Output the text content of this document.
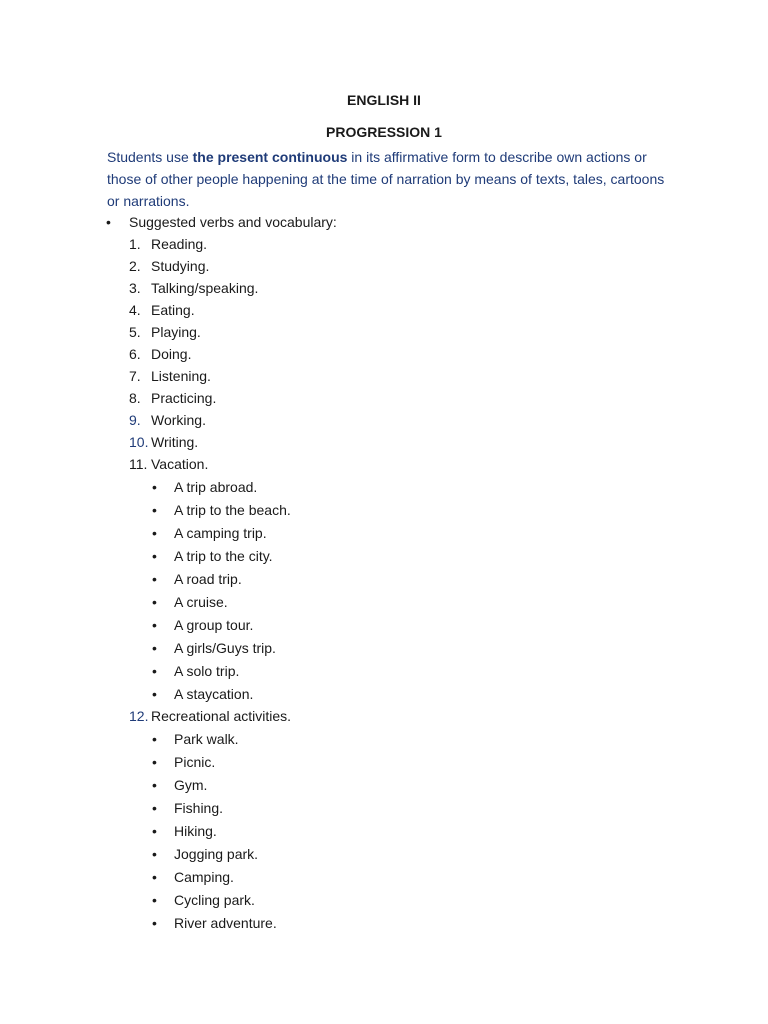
ENGLISH II
PROGRESSION 1
Students use the present continuous in its affirmative form to describe own actions or those of other people happening at the time of narration by means of texts, tales, cartoons or narrations.
• Suggested verbs and vocabulary:
1. Reading.
2. Studying.
3. Talking/speaking.
4. Eating.
5. Playing.
6. Doing.
7. Listening.
8. Practicing.
9. Working.
10. Writing.
11. Vacation.
• A trip abroad.
• A trip to the beach.
• A camping trip.
• A trip to the city.
• A road trip.
• A cruise.
• A group tour.
• A girls/Guys trip.
• A solo trip.
• A staycation.
12. Recreational activities.
• Park walk.
• Picnic.
• Gym.
• Fishing.
• Hiking.
• Jogging park.
• Camping.
• Cycling park.
• River adventure.
